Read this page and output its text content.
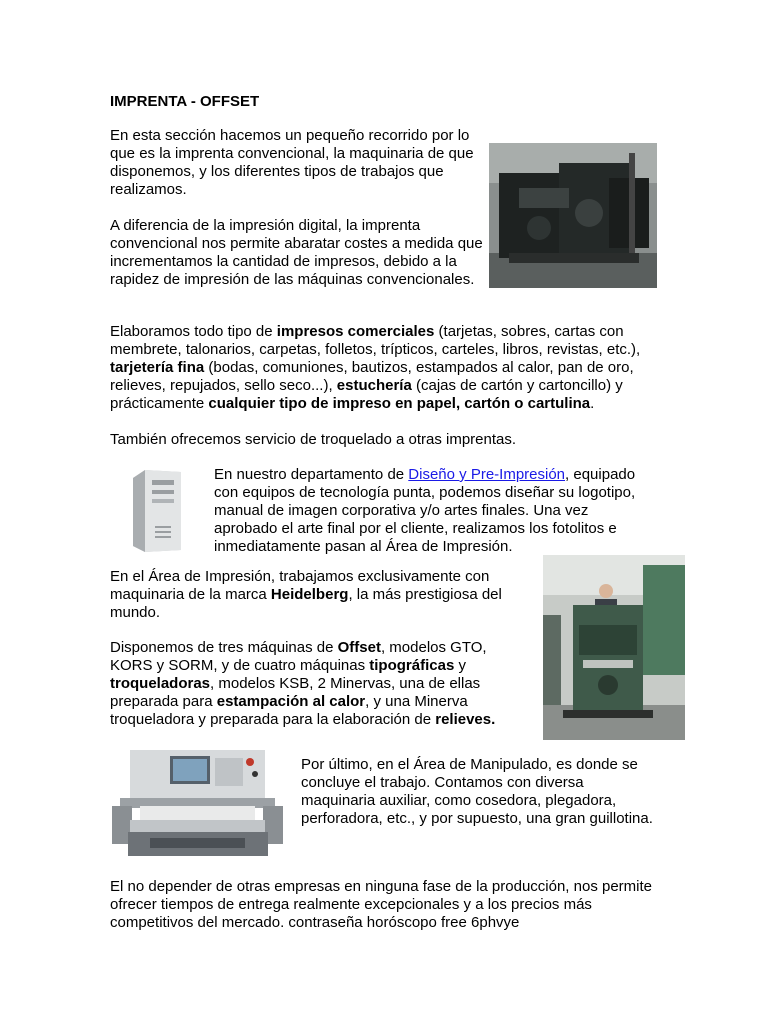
IMPRENTA - OFFSET

En esta sección hacemos un pequeño recorrido por lo que es la imprenta convencional, la maquinaria de que disponemos, y los diferentes tipos de trabajos que realizamos.

A diferencia de la impresión digital, la imprenta convencional nos permite abaratar costes a medida que incrementamos la cantidad de impresos, debido a la rapidez de impresión de las máquinas convencionales.

Elaboramos todo tipo de impresos comerciales (tarjetas, sobres, cartas con membrete, talonarios, carpetas, folletos, trípticos, carteles, libros, revistas, etc.), tarjetería fina (bodas, comuniones, bautizos, estampados al calor, pan de oro, relieves, repujados, sello seco...), estuchería (cajas de cartón y cartoncillo) y prácticamente cualquier tipo de impreso en papel, cartón o cartulina.

También ofrecemos servicio de troquelado a otras imprentas.

En nuestro departamento de Diseño y Pre-Impresión, equipado con equipos de tecnología punta, podemos diseñar su logotipo, manual de imagen corporativa y/o artes finales. Una vez aprobado el arte final por el cliente, realizamos los fotolitos e inmediatamente pasan al Área de Impresión.

En el Área de Impresión, trabajamos exclusivamente con maquinaria de la marca Heidelberg, la más prestigiosa del mundo.

Disponemos de tres máquinas de Offset, modelos GTO, KORS y SORM, y de cuatro máquinas tipográficas y troqueladoras, modelos KSB, 2 Minervas, una de ellas preparada para estampación al calor, y una Minerva troqueladora y preparada para la elaboración de relieves.

Por último, en el Área de Manipulado, es donde se concluye el trabajo. Contamos con diversa maquinaria auxiliar, como cosedora, plegadora, perforadora, etc., y por supuesto, una gran guillotina.

El no depender de otras empresas en ninguna fase de la producción, nos permite ofrecer tiempos de entrega realmente excepcionales y a los precios más competitivos del mercado. contraseña horóscopo free 6phvye
